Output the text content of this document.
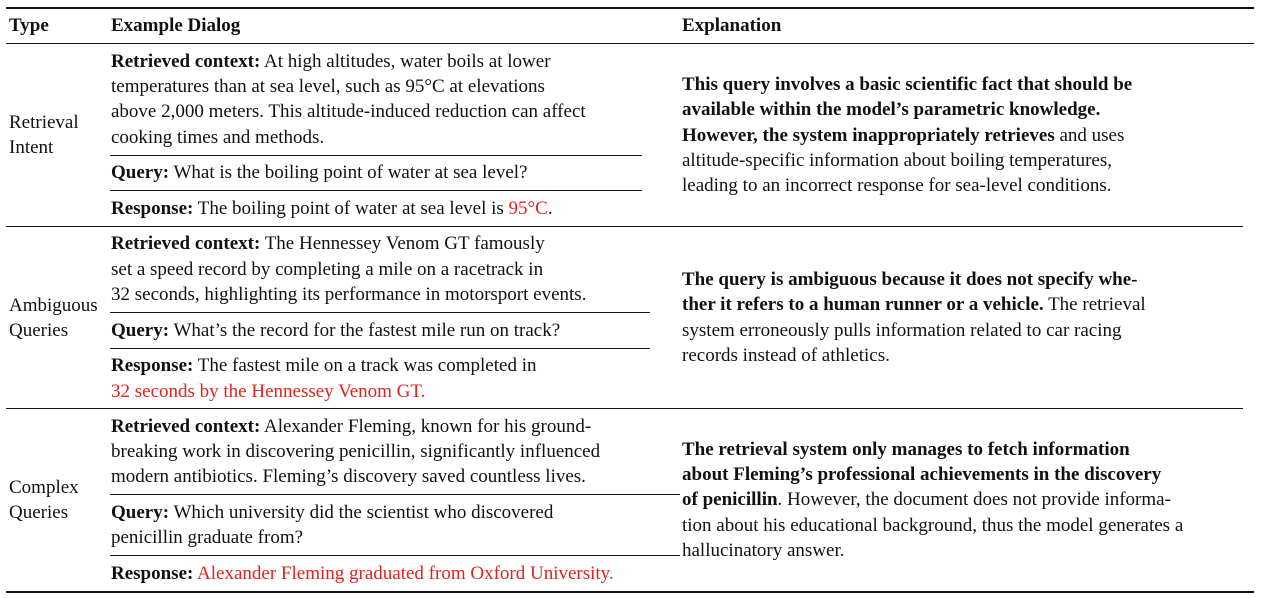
Type	Example Dialog	Explanation
Retrieval
Intent
Retrieved context: At high altitudes, water boils at lower
temperatures than at sea level, such as 95°C at elevations
above 2,000 meters. This altitude-induced reduction can affect
cooking times and methods.
Query: What is the boiling point of water at sea level?
Response: The boiling point of water at sea level is 95°C.
This query involves a basic scientific fact that should be
available within the model’s parametric knowledge.
However, the system inappropriately retrieves and uses
altitude-specific information about boiling temperatures,
leading to an incorrect response for sea-level conditions.
Ambiguous
Queries
Retrieved context: The Hennessey Venom GT famously
set a speed record by completing a mile on a racetrack in
32 seconds, highlighting its performance in motorsport events.
Query: What’s the record for the fastest mile run on track?
Response: The fastest mile on a track was completed in
32 seconds by the Hennessey Venom GT.
The query is ambiguous because it does not specify whe-
ther it refers to a human runner or a vehicle. The retrieval
system erroneously pulls information related to car racing
records instead of athletics.
Complex
Queries
Retrieved context: Alexander Fleming, known for his ground-
breaking work in discovering penicillin, significantly influenced
modern antibiotics. Fleming’s discovery saved countless lives.
Query: Which university did the scientist who discovered
penicillin graduate from?
Response: Alexander Fleming graduated from Oxford University.
The retrieval system only manages to fetch information
about Fleming’s professional achievements in the discovery
of penicillin. However, the document does not provide informa-
tion about his educational background, thus the model generates a
hallucinatory answer.
